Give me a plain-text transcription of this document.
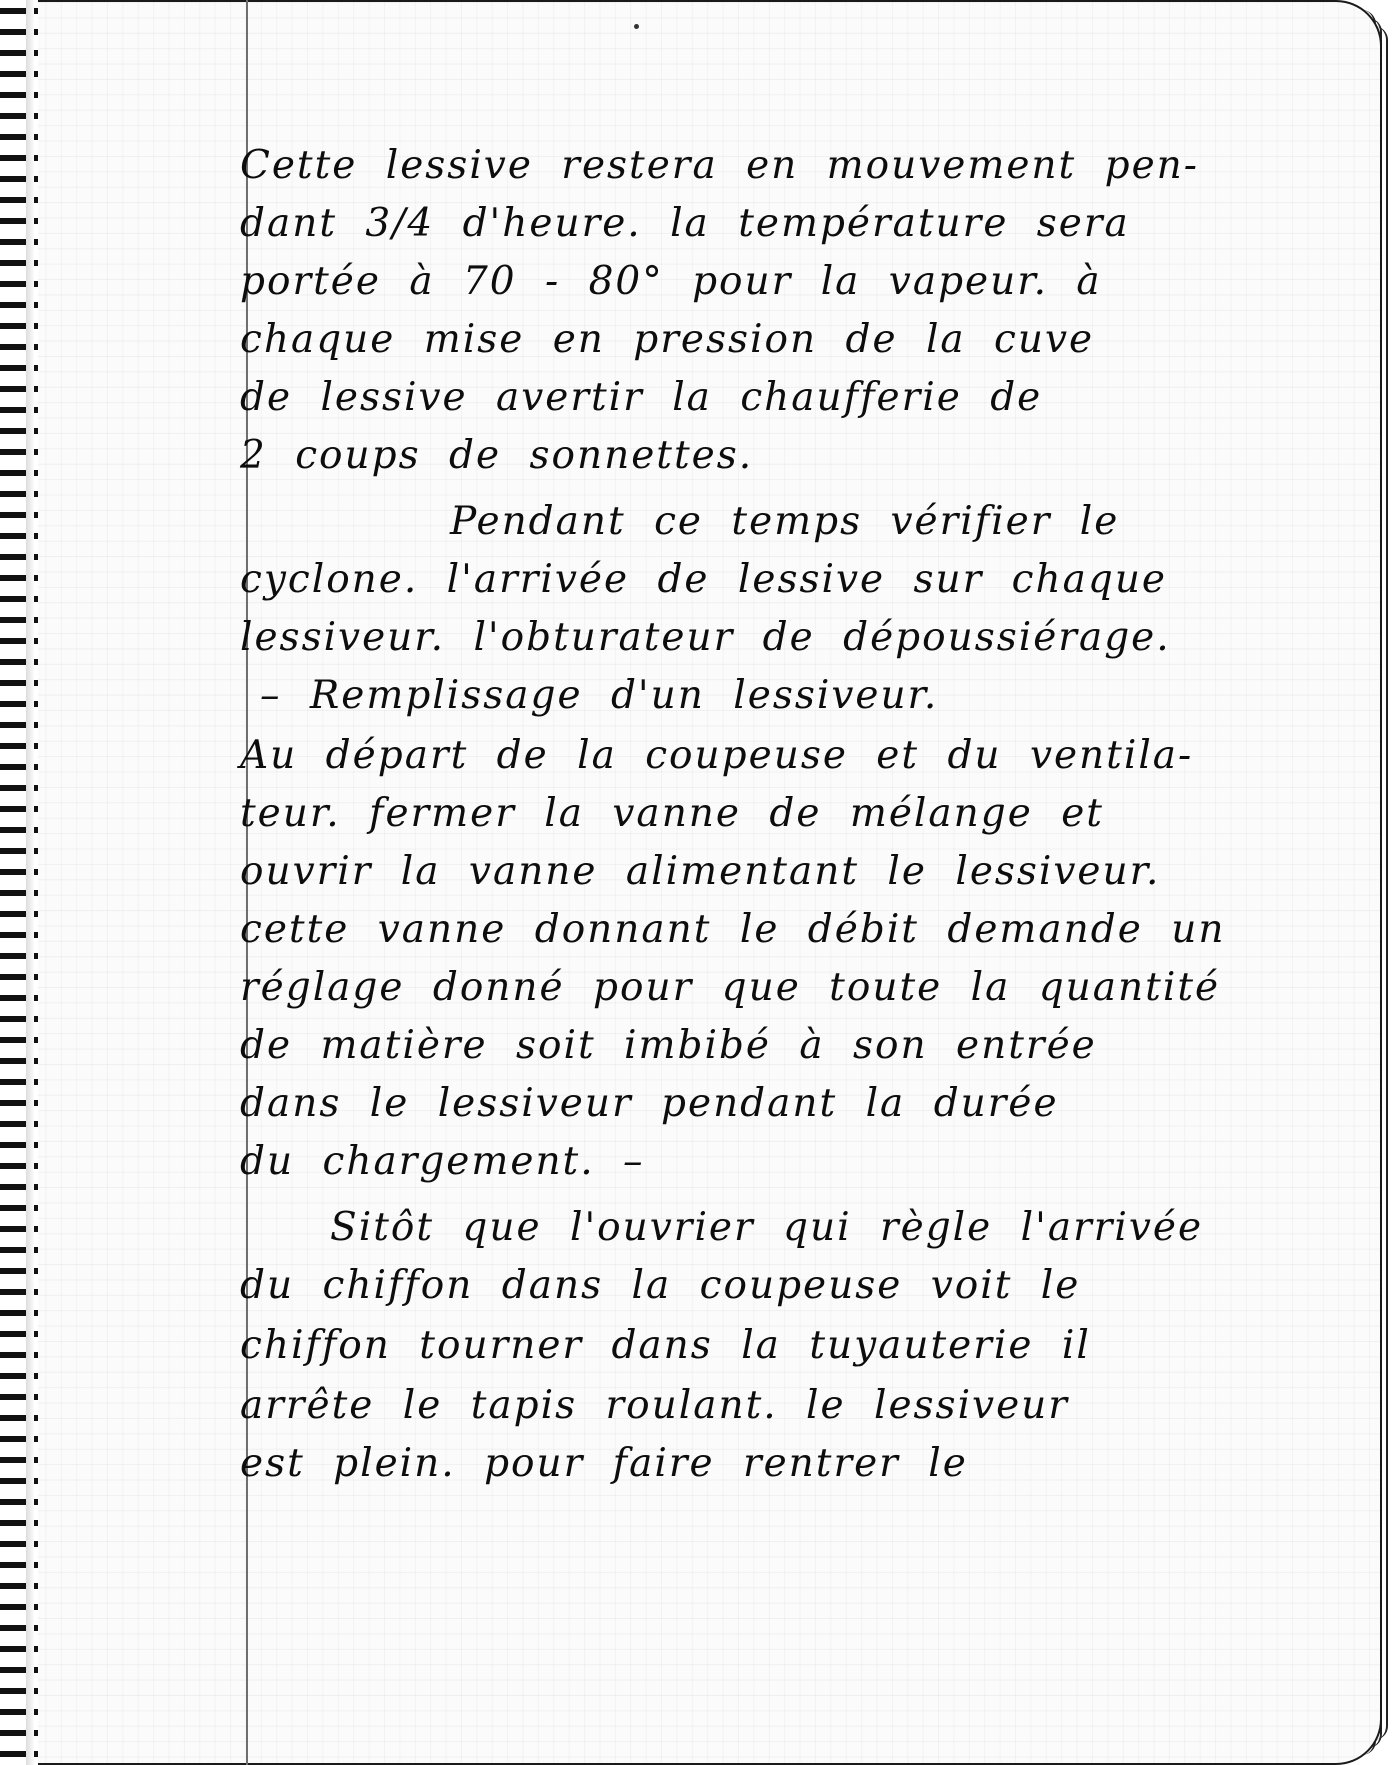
Cette lessive restera en mouvement pen-
dant 3/4 d'heure. la température sera
portée à 70 - 80° pour la vapeur. à
chaque mise en pression de la cuve
de lessive avertir la chaufferie de
2 coups de sonnettes.
Pendant ce temps vérifier le
cyclone. l'arrivée de lessive sur chaque
lessiveur. l'obturateur de dépoussiérage.
– Remplissage d'un lessiveur.
Au départ de la coupeuse et du ventila-
teur. fermer la vanne de mélange et
ouvrir la vanne alimentant le lessiveur.
cette vanne donnant le débit demande un
réglage donné pour que toute la quantité
de matière soit imbibé à son entrée
dans le lessiveur pendant la durée
du chargement. –
Sitôt que l'ouvrier qui règle l'arrivée
du chiffon dans la coupeuse voit le
chiffon tourner dans la tuyauterie il
arrête le tapis roulant. le lessiveur
est plein. pour faire rentrer le
